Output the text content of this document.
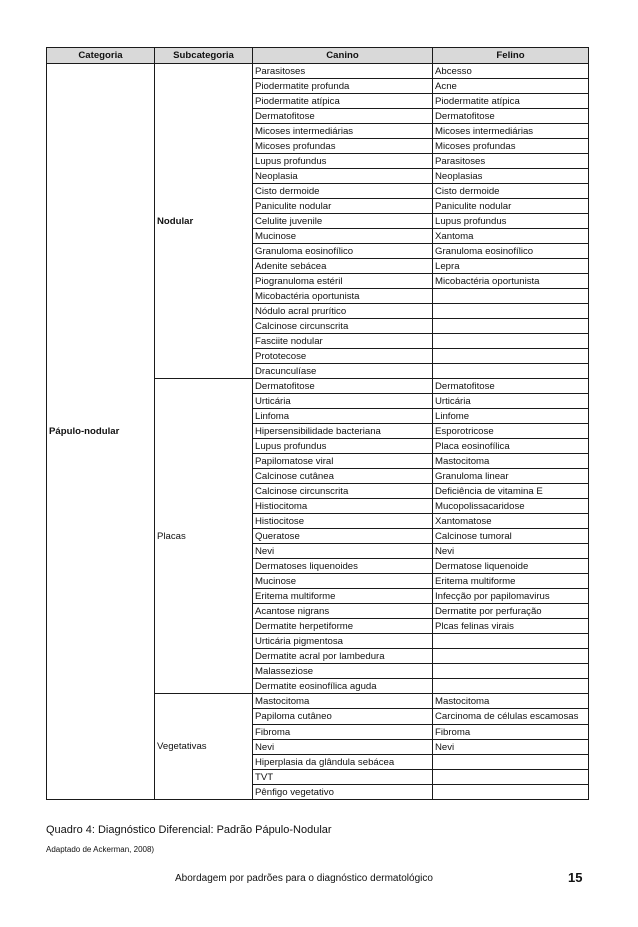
Categoria	Subcategoria	Canino	Felino
Pápulo-nodular	Nodular	Parasitoses	Abcesso
		Piodermatite profunda	Acne
		Piodermatite atípica	Piodermatite atípica
		Dermatofitose	Dermatofitose
		Micoses intermediárias	Micoses intermediárias
		Micoses profundas	Micoses profundas
		Lupus profundus	Parasitoses
		Neoplasia	Neoplasias
		Cisto dermoide	Cisto dermoide
		Paniculite nodular	Paniculite nodular
		Celulite juvenile	Lupus profundus
		Mucinose	Xantoma
		Granuloma eosinofílico	Granuloma eosinofílico
		Adenite sebácea	Lepra
		Piogranuloma estéril	Micobactéria oportunista
		Micobactéria oportunista	
		Nódulo acral prurítico	
		Calcinose circunscrita	
		Fasciite nodular	
		Prototecose	
		Dracunculíase	
	Placas	Dermatofitose	Dermatofitose
		Urticária	Urticária
		Linfoma	Linfome
		Hipersensibilidade bacteriana	Esporotricose
		Lupus profundus	Placa eosinofílica
		Papilomatose viral	Mastocitoma
		Calcinose cutânea	Granuloma linear
		Calcinose circunscrita	Deficiência de vitamina E
		Histiocitoma	Mucopolissacaridose
		Histiocitose	Xantomatose
		Queratose	Calcinose tumoral
		Nevi	Nevi
		Dermatoses liquenoides	Dermatose liquenoide
		Mucinose	Eritema multiforme
		Eritema multiforme	Infecção por papilomavirus
		Acantose nigrans	Dermatite por perfuração
		Dermatite herpetiforme	Plcas felinas virais
		Urticária pigmentosa	
		Dermatite acral por lambedura	
		Malasseziose	
		Dermatite eosinofílica aguda	
	Vegetativas	Mastocitoma	Mastocitoma
		Papiloma cutâneo	Carcinoma de células escamosas
		Fibroma	Fibroma
		Nevi	Nevi
		Hiperplasia da glândula sebácea	
		TVT	
		Pênfigo vegetativo	
Quadro 4: Diagnóstico Diferencial: Padrão Pápulo-Nodular
Adaptado de Ackerman, 2008)
Abordagem por padrões para o diagnóstico dermatológico	15
